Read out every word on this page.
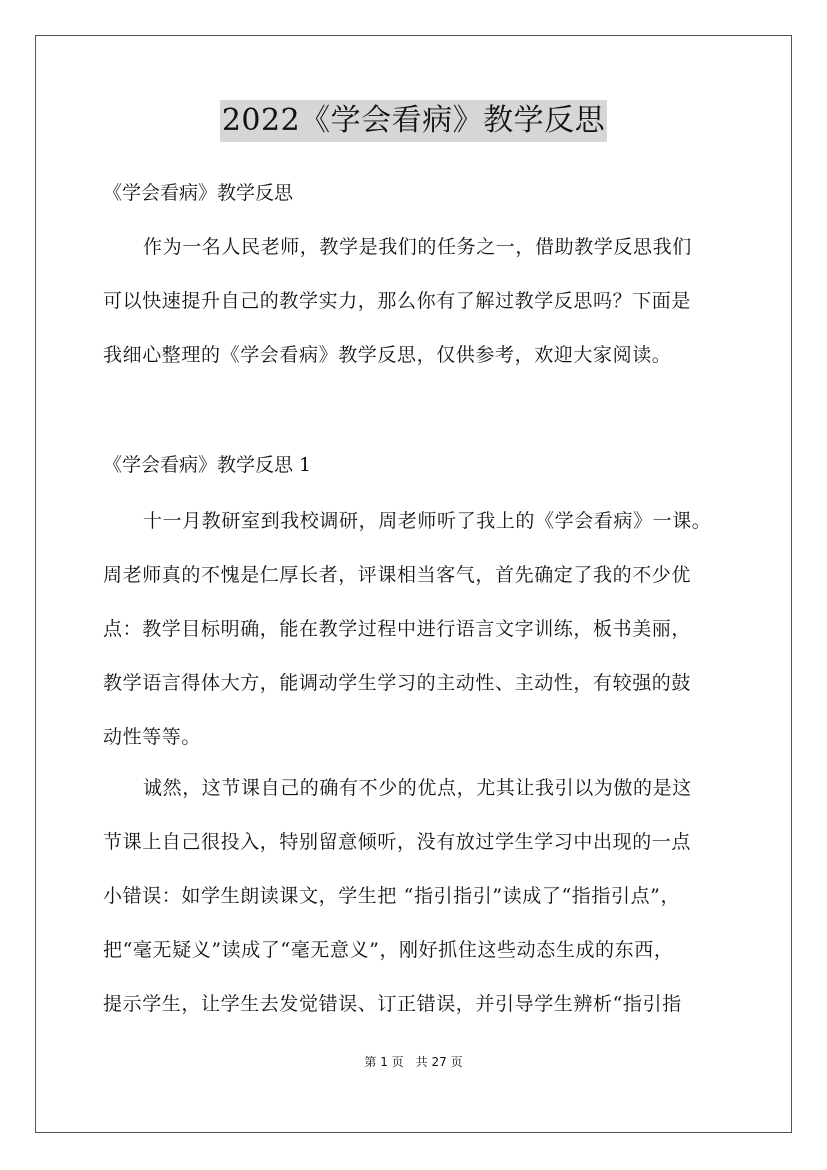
2022《学会看病》教学反思
《学会看病》教学反思
作为一名人民老师，教学是我们的任务之一，借助教学反思我们
可以快速提升自己的教学实力，那么你有了解过教学反思吗？下面是
我细心整理的《学会看病》教学反思，仅供参考，欢迎大家阅读。
《学会看病》教学反思 1
十一月教研室到我校调研，周老师听了我上的《学会看病》一课。
周老师真的不愧是仁厚长者，评课相当客气，首先确定了我的不少优
点：教学目标明确，能在教学过程中进行语言文字训练，板书美丽，
教学语言得体大方，能调动学生学习的主动性、主动性，有较强的鼓
动性等等。
诚然，这节课自己的确有不少的优点，尤其让我引以为傲的是这
节课上自己很投入，特别留意倾听，没有放过学生学习中出现的一点
小错误：如学生朗读课文，学生把 “指引指引”读成了“指指引点”，
把“毫无疑义”读成了“毫无意义”，刚好抓住这些动态生成的东西，
提示学生，让学生去发觉错误、订正错误，并引导学生辨析“指引指
第 1 页　共 27 页
